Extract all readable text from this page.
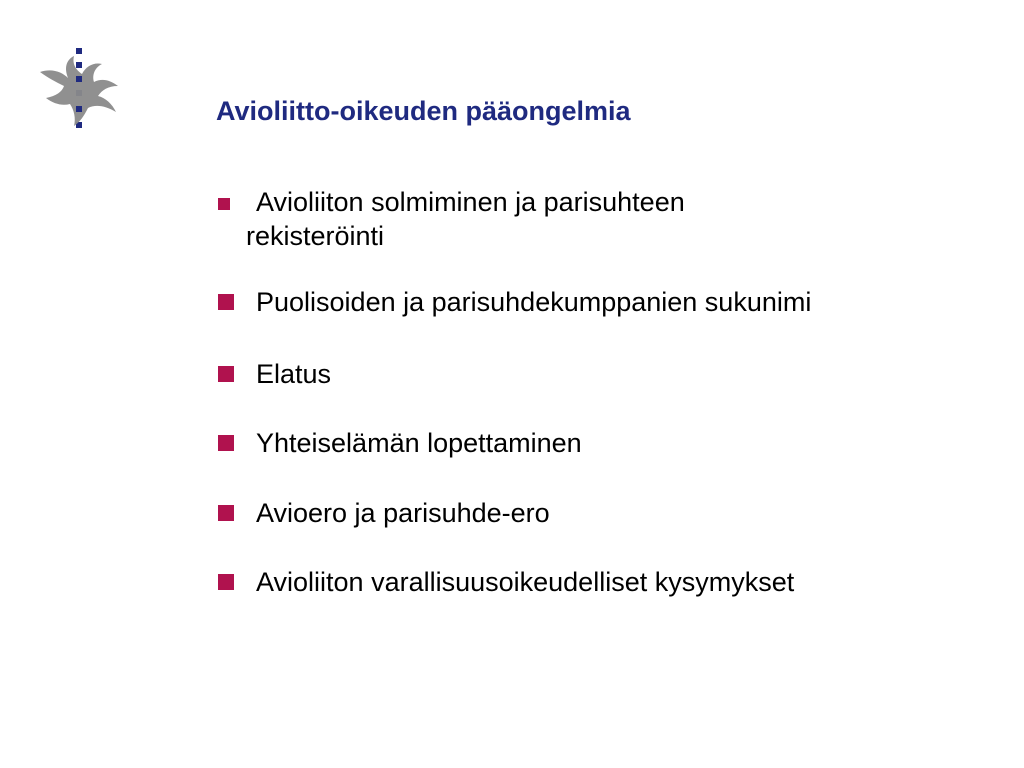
Avioliitto-oikeuden pääongelmia
Avioliiton solmiminen ja parisuhteen
rekisteröinti
Puolisoiden ja parisuhdekumppanien sukunimi
Elatus
Yhteiselämän lopettaminen
Avioero ja parisuhde-ero
Avioliiton varallisuusoikeudelliset kysymykset
